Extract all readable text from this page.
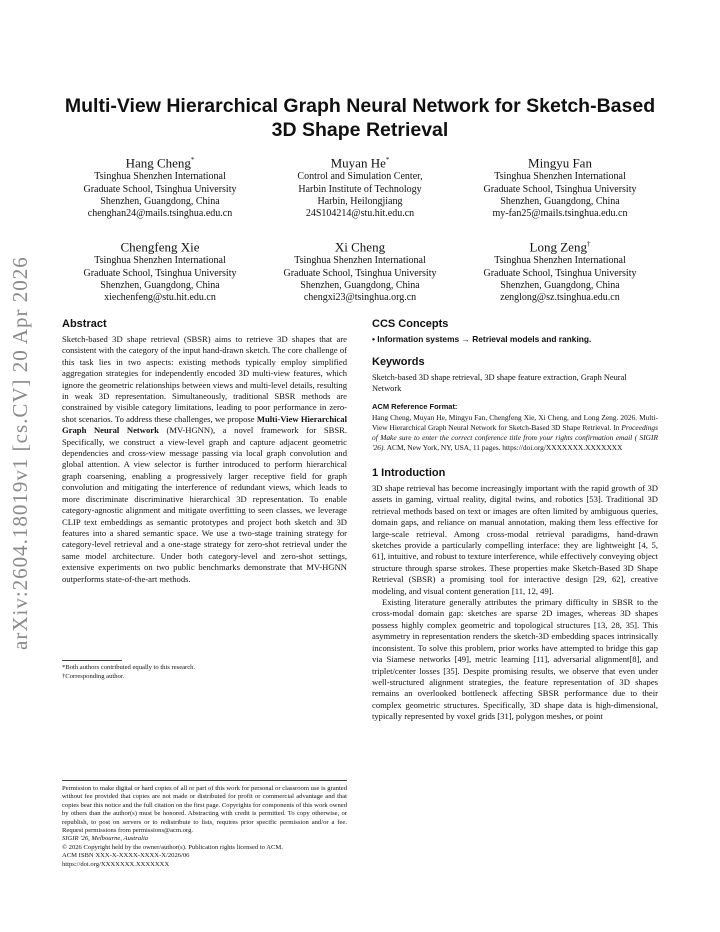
arXiv:2604.18019v1 [cs.CV] 20 Apr 2026
Multi-View Hierarchical Graph Neural Network for Sketch-Based 3D Shape Retrieval
Hang Cheng*
Tsinghua Shenzhen International
Graduate School, Tsinghua University
Shenzhen, Guangdong, China
chenghan24@mails.tsinghua.edu.cn
Muyan He*
Control and Simulation Center,
Harbin Institute of Technology
Harbin, Heilongjiang
24S104214@stu.hit.edu.cn
Mingyu Fan
Tsinghua Shenzhen International
Graduate School, Tsinghua University
Shenzhen, Guangdong, China
my-fan25@mails.tsinghua.edu.cn
Chengfeng Xie
Tsinghua Shenzhen International
Graduate School, Tsinghua University
Shenzhen, Guangdong, China
xiechenfeng@stu.hit.edu.cn
Xi Cheng
Tsinghua Shenzhen International
Graduate School, Tsinghua University
Shenzhen, Guangdong, China
chengxi23@tsinghua.org.cn
Long Zeng†
Tsinghua Shenzhen International
Graduate School, Tsinghua University
Shenzhen, Guangdong, China
zenglong@sz.tsinghua.edu.cn
Abstract

Sketch-based 3D shape retrieval (SBSR) aims to retrieve 3D shapes that are consistent with the category of the input hand-drawn sketch. The core challenge of this task lies in two aspects: existing methods typically employ simplified aggregation strategies for independently encoded 3D multi-view features, which ignore the geometric relationships between views and multi-level details, resulting in weak 3D representation. Simultaneously, traditional SBSR methods are constrained by visible category limitations, leading to poor performance in zero-shot scenarios. To address these challenges, we propose Multi-View Hierarchical Graph Neural Network (MV-HGNN), a novel framework for SBSR. Specifically, we construct a view-level graph and capture adjacent geometric dependencies and cross-view message passing via local graph convolution and global attention. A view selector is further introduced to perform hierarchical graph coarsening, enabling a progressively larger receptive field for graph convolution and mitigating the interference of redundant views, which leads to more discriminate discriminative hierarchical 3D representation. To enable category-agnostic alignment and mitigate overfitting to seen classes, we leverage CLIP text embeddings as semantic prototypes and project both sketch and 3D features into a shared semantic space. We use a two-stage training strategy for category-level retrieval and a one-stage strategy for zero-shot retrieval under the same model architecture. Under both category-level and zero-shot settings, extensive experiments on two public benchmarks demonstrate that MV-HGNN outperforms state-of-the-art methods.

*Both authors contributed equally to this research.
†Corresponding author.
Permission to make digital or hard copies of all or part of this work for personal or classroom use is granted without fee provided that copies are not made or distributed for profit or commercial advantage and that copies bear this notice and the full citation on the first page. Copyrights for components of this work owned by others than the author(s) must be honored. Abstracting with credit is permitted. To copy otherwise, or republish, to post on servers or to redistribute to lists, requires prior specific permission and/or a fee. Request permissions from permissions@acm.org.
SIGIR '26, Melbourne, Australia
© 2026 Copyright held by the owner/author(s). Publication rights licensed to ACM.
ACM ISBN XXX-X-XXXX-XXXX-X/2026/06
https://doi.org/XXXXXXX.XXXXXXX
CCS Concepts
• Information systems → Retrieval models and ranking.
Keywords
Sketch-based 3D shape retrieval, 3D shape feature extraction, Graph Neural Network
ACM Reference Format:
Hang Cheng, Muyan He, Mingyu Fan, Chengfeng Xie, Xi Cheng, and Long Zeng. 2026. Multi-View Hierarchical Graph Neural Network for Sketch-Based 3D Shape Retrieval. In Proceedings of Make sure to enter the correct conference title from your rights confirmation email ( SIGIR '26). ACM, New York, NY, USA, 11 pages. https://doi.org/XXXXXXX.XXXXXXX
1 Introduction

3D shape retrieval has become increasingly important with the rapid growth of 3D assets in gaming, virtual reality, digital twins, and robotics [53]. Traditional 3D retrieval methods based on text or images are often limited by ambiguous queries, domain gaps, and reliance on manual annotation, making them less effective for large-scale retrieval. Among cross-modal retrieval paradigms, hand-drawn sketches provide a particularly compelling interface: they are lightweight [4, 5, 61], intuitive, and robust to texture interference, while effectively conveying object structure through sparse strokes. These properties make Sketch-Based 3D Shape Retrieval (SBSR) a promising tool for interactive design [29, 62], creative modeling, and visual content generation [11, 12, 49].

Existing literature generally attributes the primary difficulty in SBSR to the cross-modal domain gap: sketches are sparse 2D images, whereas 3D shapes possess highly complex geometric and topological structures [13, 28, 35]. This asymmetry in representation renders the sketch-3D embedding spaces intrinsically inconsistent. To solve this problem, prior works have attempted to bridge this gap via Siamese networks [49], metric learning [11], adversarial alignment[8], and triplet/center losses [35]. Despite promising results, we observe that even under well-structured alignment strategies, the feature representation of 3D shapes remains an overlooked bottleneck affecting SBSR performance due to their complex geometric structures. Specifically, 3D shape data is high-dimensional, typically represented by voxel grids [31], polygon meshes, or point
